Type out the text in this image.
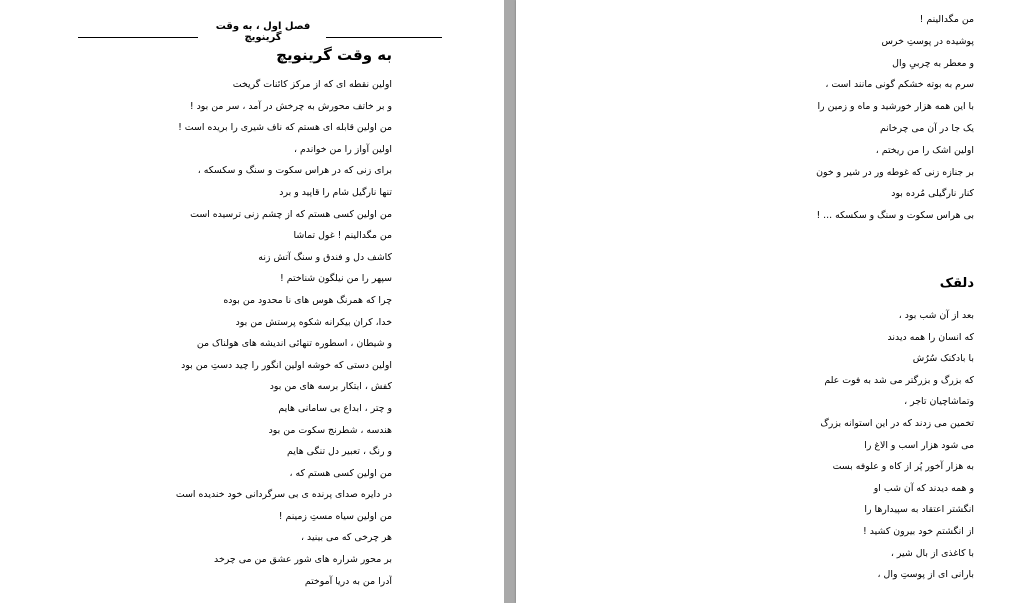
فصل اول ، به وقت گرینویچ
به وقت گرینویچ
اولین نقطه ای که از مرکز کائنات گریخت
و بر خاتف محورش به چرخش در آمد ، سر من بود !
من اولین قابله ای هستم که ناف شیری را بریده است !
اولین آواز را من خواندم ،
برای زنی که در هراس سکوت و سنگ و سکسکه ،
تنها نارگیل شام را قاپید و برد
من اولین کسی هستم که از چشم زنی ترسیده است
من مگدالینم ! غول تماشا
کاشف دل و فندق و سنگ آتش زنه
سپهر را من نیلگون شناختم !
چرا که همرنگ هوس های نا محدود من بوده
خدا، کران بیکرانه شکوه پرستش من بود
و شیطان ، اسطوره تنهائی اندیشه های هولناک من
اولین دستی که خوشه اولین انگور را چید دستِ من بود
کفش ، ابتکار برسه های من بود
و چتر ، ابداع بی سامانی هایم
هندسه ، شطرنج سکوت من بود
و رنگ ، تعبیر دل تنگی هایم
من اولین کسی هستم که ،
در دایره صدای پرنده ی بی سرگردانی خود خندیده است
من اولین سیاه مستِ زمینم !
هر چرخی که می بینید ،
بر محور شراره های شور عشق من می چرخد
آدرا من به دریا آموختم
من مگدالینم !
پوشیده در پوستِ خرس
و معطر به چربیِ وال
سرم به بوته خشکم گونی مانند است ،
با این همه هزار خورشید و ماه و زمین را
یک جا در آن می چرخانم
اولین اشک را من ریختم ،
بر جنازه زنی که غوطه ور در شیر و خون
کنار نارگیلی مُرده بود
بی هراس سکوت و سنگ و سکسکه ... !
دلقک
بعد از آن شب بود ،
که انسان را همه دیدند
با بادکنک سُرُش
که بزرگ و بزرگتر می شد به فوت علم
وتماشاچیان تاجر ،
تخمین می زدند که در این استوانه بزرگ
می شود هزار اسب و الاغ را
به هزار آخور پُر از کاه و علوفه بست
و همه دیدند که آن شب او
انگشتر اعتقاد به سپیدارها را
از انگشتم خود بیرون کشید !
با کاغذی از بال شیر ،
بارانی ای از پوستِ وال ،
